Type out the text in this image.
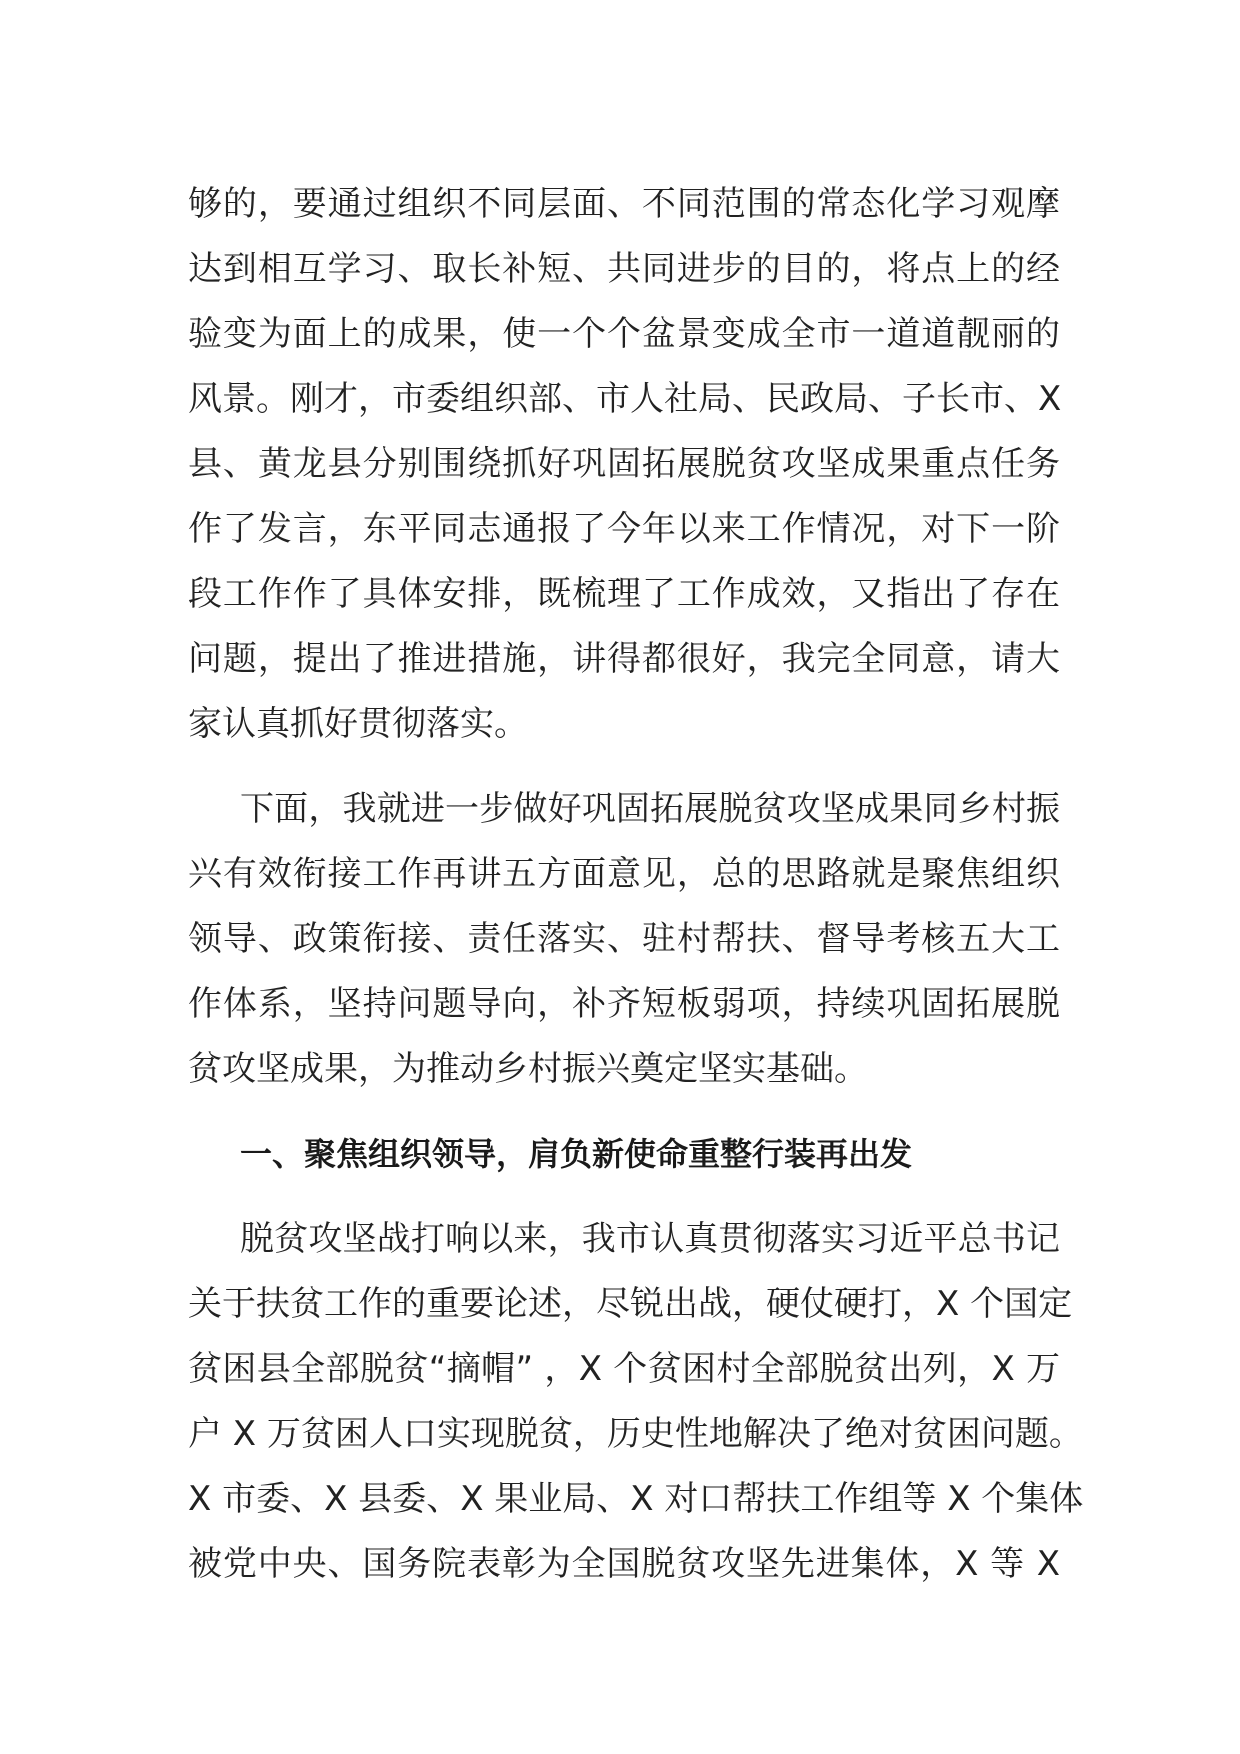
够的，要通过组织不同层面、不同范围的常态化学习观摩
达到相互学习、取长补短、共同进步的目的，将点上的经
验变为面上的成果，使一个个盆景变成全市一道道靓丽的
风景。刚才，市委组织部、市人社局、民政局、子长市、X
县、黄龙县分别围绕抓好巩固拓展脱贫攻坚成果重点任务
作了发言，东平同志通报了今年以来工作情况，对下一阶
段工作作了具体安排，既梳理了工作成效，又指出了存在
问题，提出了推进措施，讲得都很好，我完全同意，请大
家认真抓好贯彻落实。
下面，我就进一步做好巩固拓展脱贫攻坚成果同乡村振
兴有效衔接工作再讲五方面意见，总的思路就是聚焦组织
领导、政策衔接、责任落实、驻村帮扶、督导考核五大工
作体系，坚持问题导向，补齐短板弱项，持续巩固拓展脱
贫攻坚成果，为推动乡村振兴奠定坚实基础。
一、聚焦组织领导，肩负新使命重整行装再出发
脱贫攻坚战打响以来，我市认真贯彻落实习近平总书记
关于扶贫工作的重要论述，尽锐出战，硬仗硬打，X 个国定
贫困县全部脱贫“摘帽” ，X 个贫困村全部脱贫出列，X 万
户 X 万贫困人口实现脱贫，历史性地解决了绝对贫困问题。
X 市委、X 县委、X 果业局、X 对口帮扶工作组等 X 个集体
被党中央、国务院表彰为全国脱贫攻坚先进集体，X 等 X
